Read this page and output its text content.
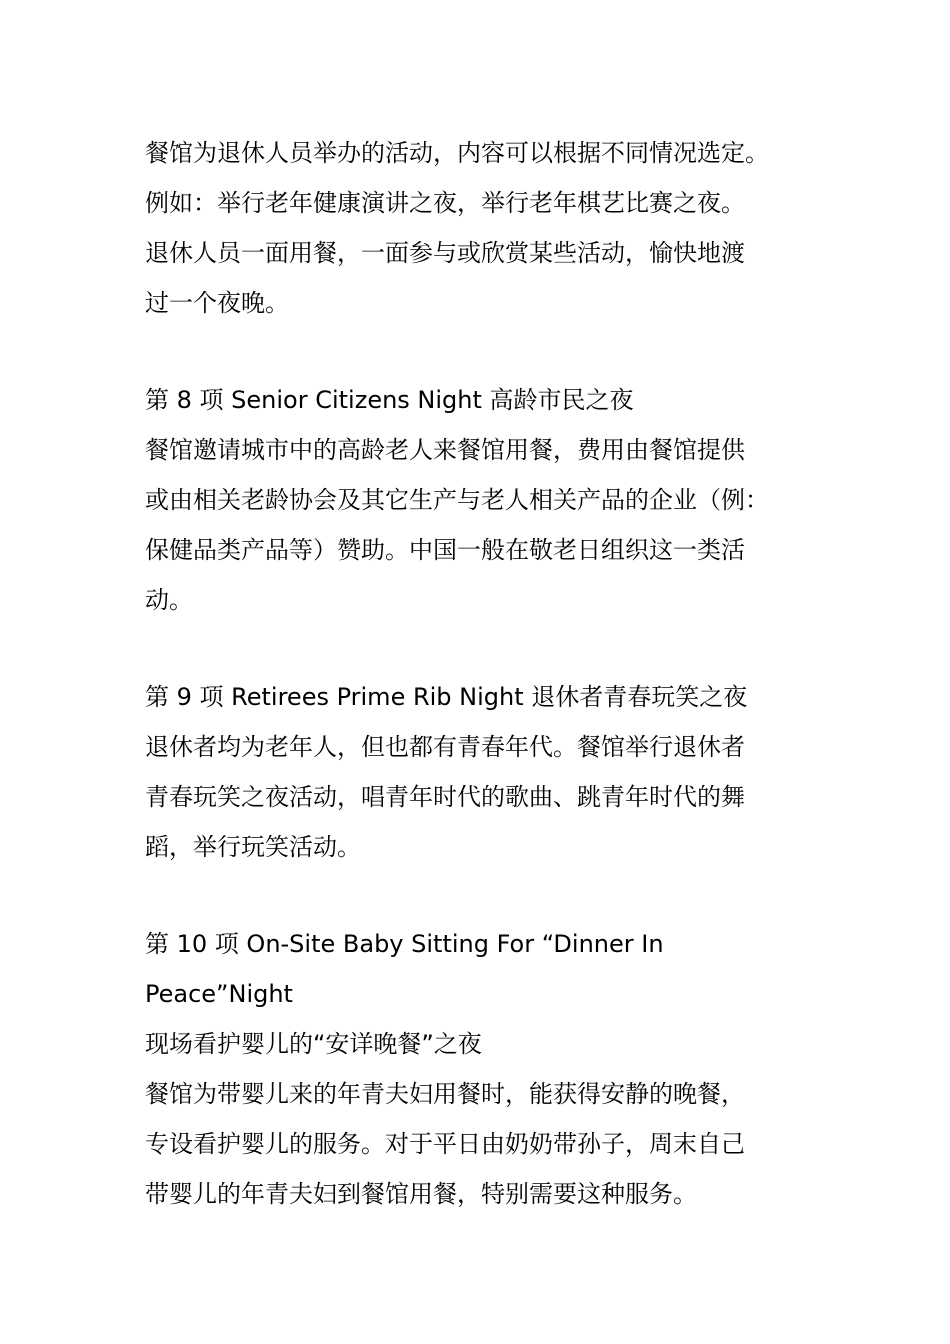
餐馆为退休人员举办的活动，内容可以根据不同情况选定。
例如：举行老年健康演讲之夜，举行老年棋艺比赛之夜。
退休人员一面用餐，一面参与或欣赏某些活动，愉快地渡
过一个夜晚。
第 8 项 Senior Citizens Night 高龄市民之夜
餐馆邀请城市中的高龄老人来餐馆用餐，费用由餐馆提供
或由相关老龄协会及其它生产与老人相关产品的企业（例：
保健品类产品等）赞助。中国一般在敬老日组织这一类活
动。
第 9 项 Retirees Prime Rib Night 退休者青春玩笑之夜
退休者均为老年人，但也都有青春年代。餐馆举行退休者
青春玩笑之夜活动，唱青年时代的歌曲、跳青年时代的舞
蹈，举行玩笑活动。
第 10 项 On-Site Baby Sitting For “Dinner In
Peace”Night
现场看护婴儿的“安详晚餐”之夜
餐馆为带婴儿来的年青夫妇用餐时，能获得安静的晚餐，
专设看护婴儿的服务。对于平日由奶奶带孙子，周末自己
带婴儿的年青夫妇到餐馆用餐，特别需要这种服务。
